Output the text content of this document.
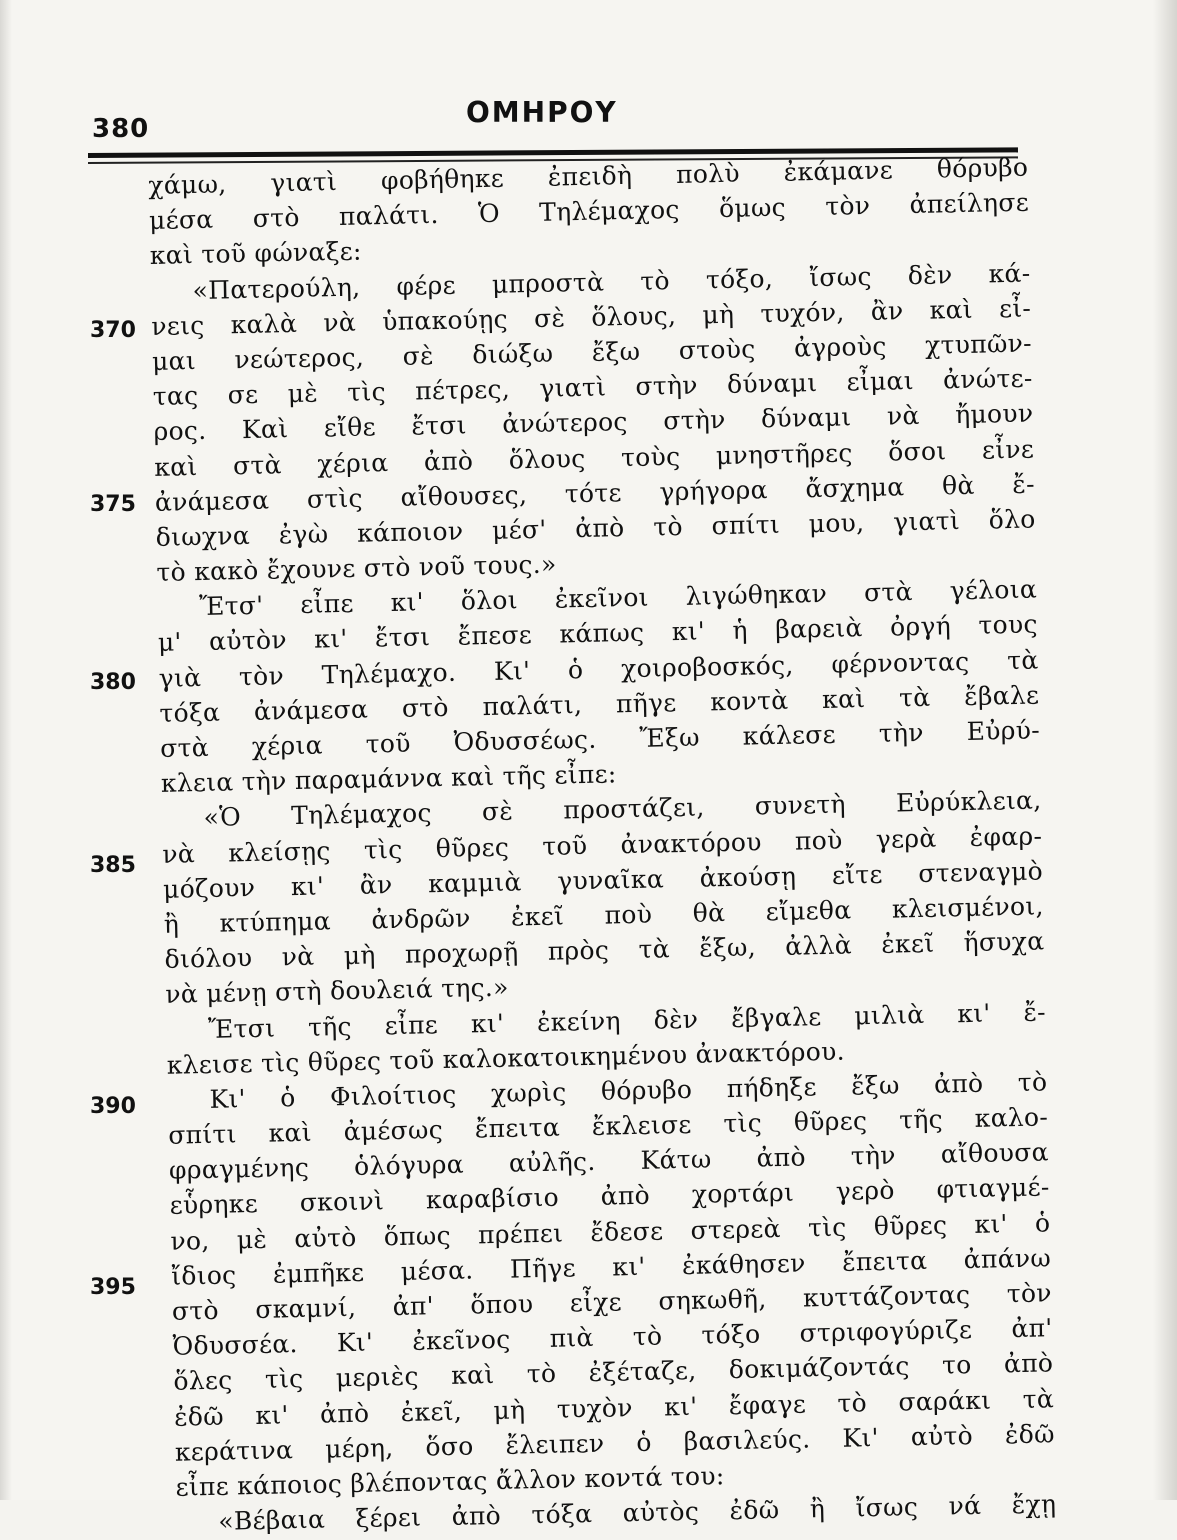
380	ΟΜΗΡΟΥ
370
375
380
385
390
395
χάμω, γιατὶ φοβήθηκε ἐπειδὴ πολὺ ἐκάμανε θόρυβο
μέσα στὸ παλάτι. Ὁ Τηλέμαχος ὅμως τὸν ἀπείλησε
καὶ τοῦ φώναξε:
«Πατερούλη, φέρε μπροστὰ τὸ τόξο, ἴσως δὲν κά-
νεις καλὰ νὰ ὑπακούῃς σὲ ὅλους, μὴ τυχόν, ἂν καὶ εἶ-
μαι νεώτερος, σὲ διώξω ἔξω στοὺς ἀγροὺς χτυπῶν-
τας σε μὲ τὶς πέτρες, γιατὶ στὴν δύναμι εἶμαι ἀνώτε-
ρος. Καὶ εἴθε ἔτσι ἀνώτερος στὴν δύναμι νὰ ἤμουν
καὶ στὰ χέρια ἀπὸ ὅλους τοὺς μνηστῆρες ὅσοι εἶνε
ἀνάμεσα στὶς αἴθουσες, τότε γρήγορα ἄσχημα θὰ ἔ-
διωχνα ἐγὼ κάποιον μέσ' ἀπὸ τὸ σπίτι μου, γιατὶ ὅλο
τὸ κακὸ ἔχουνε στὸ νοῦ τους.»
Ἔτσ' εἶπε κι' ὅλοι ἐκεῖνοι λιγώθηκαν στὰ γέλοια
μ' αὐτὸν κι' ἔτσι ἔπεσε κάπως κι' ἡ βαρειὰ ὀργή τους
γιὰ τὸν Τηλέμαχο. Κι' ὁ χοιροβοσκός, φέρνοντας τὰ
τόξα ἀνάμεσα στὸ παλάτι, πῆγε κοντὰ καὶ τὰ ἔβαλε
στὰ χέρια τοῦ Ὀδυσσέως. Ἔξω κάλεσε τὴν Εὐρύ-
κλεια τὴν παραμάννα καὶ τῆς εἶπε:
«Ὁ Τηλέμαχος σὲ προστάζει, συνετὴ Εὐρύκλεια,
νὰ κλείσῃς τὶς θῦρες τοῦ ἀνακτόρου ποὺ γερὰ ἐφαρ-
μόζουν κι' ἂν καμμιὰ γυναῖκα ἀκούσῃ εἴτε στεναγμὸ
ἢ κτύπημα ἀνδρῶν ἐκεῖ ποὺ θὰ εἴμεθα κλεισμένοι,
διόλου νὰ μὴ προχωρῇ πρὸς τὰ ἔξω, ἀλλὰ ἐκεῖ ἥσυχα
νὰ μένῃ στὴ δουλειά της.»
Ἔτσι τῆς εἶπε κι' ἐκείνη δὲν ἔβγαλε μιλιὰ κι' ἔ-
κλεισε τὶς θῦρες τοῦ καλοκατοικημένου ἀνακτόρου.
Κι' ὁ Φιλοίτιος χωρὶς θόρυβο πήδηξε ἔξω ἀπὸ τὸ
σπίτι καὶ ἀμέσως ἔπειτα ἔκλεισε τὶς θῦρες τῆς καλο-
φραγμένης ὁλόγυρα αὐλῆς. Κάτω ἀπὸ τὴν αἴθουσα
εὗρηκε σκοινὶ καραβίσιο ἀπὸ χορτάρι γερὸ φτιαγμέ-
νο, μὲ αὐτὸ ὅπως πρέπει ἔδεσε στερεὰ τὶς θῦρες κι' ὁ
ἴδιος ἐμπῆκε μέσα. Πῆγε κι' ἐκάθησεν ἔπειτα ἀπάνω
στὸ σκαμνί, ἀπ' ὅπου εἶχε σηκωθῆ, κυττάζοντας τὸν
Ὀδυσσέα. Κι' ἐκεῖνος πιὰ τὸ τόξο στριφογύριζε ἀπ'
ὅλες τὶς μεριὲς καὶ τὸ ἐξέταζε, δοκιμάζοντάς το ἀπὸ
ἐδῶ κι' ἀπὸ ἐκεῖ, μὴ τυχὸν κι' ἔφαγε τὸ σαράκι τὰ
κεράτινα μέρη, ὅσο ἔλειπεν ὁ βασιλεύς. Κι' αὐτὸ ἐδῶ
εἶπε κάποιος βλέποντας ἄλλον κοντά του:
«Βέβαια ξέρει ἀπὸ τόξα αὐτὸς ἐδῶ ἢ ἴσως νά ἔχῃ
